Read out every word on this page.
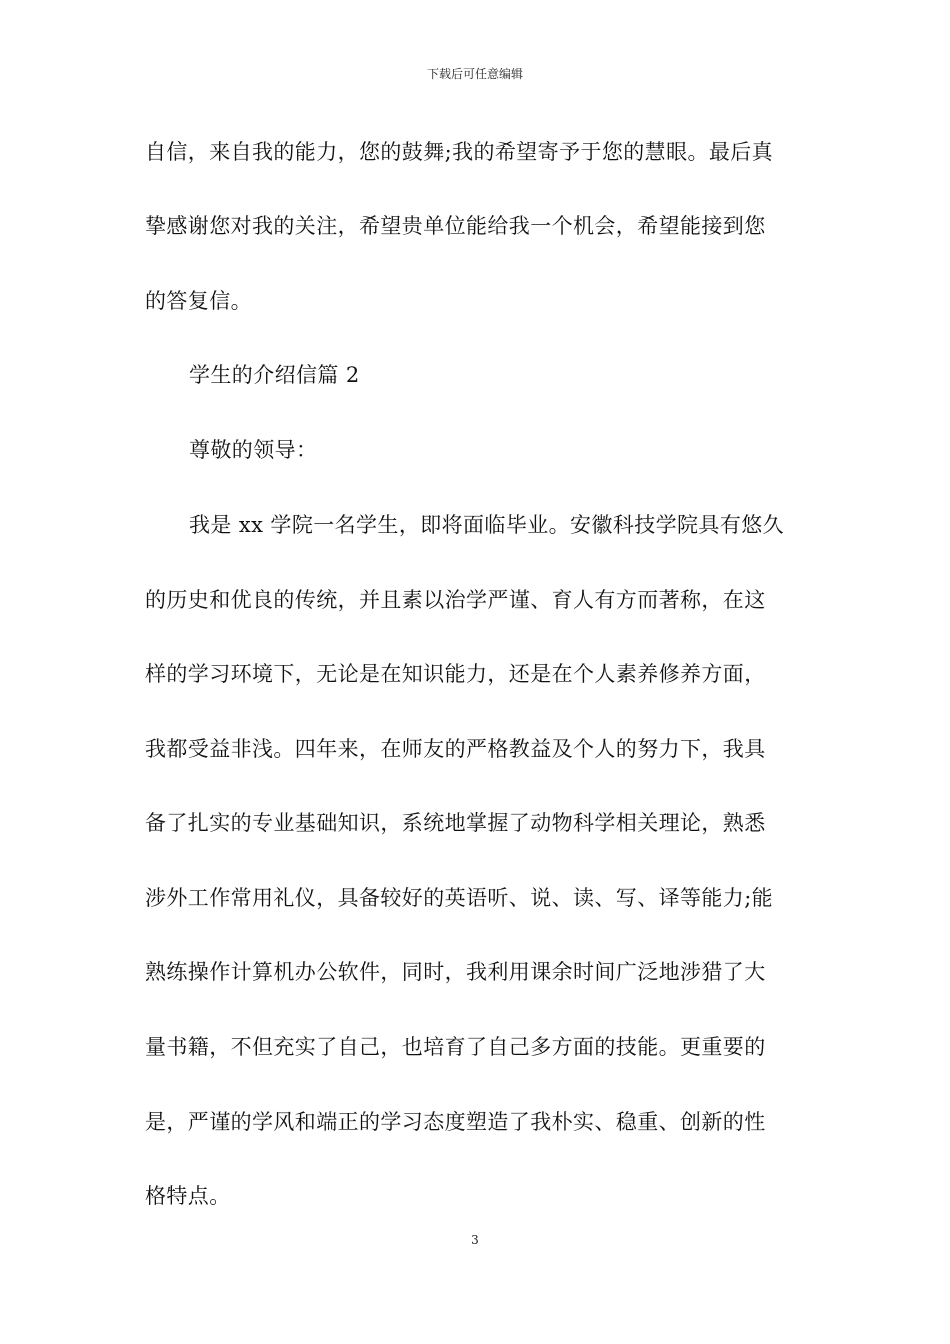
下载后可任意编辑
自信，来自我的能力，您的鼓舞;我的希望寄予于您的慧眼。最后真
挚感谢您对我的关注，希望贵单位能给我一个机会，希望能接到您
的答复信。
学生的介绍信篇 2
尊敬的领导：
我是 xx 学院一名学生，即将面临毕业。安徽科技学院具有悠久
的历史和优良的传统，并且素以治学严谨、育人有方而著称，在这
样的学习环境下，无论是在知识能力，还是在个人素养修养方面，
我都受益非浅。四年来，在师友的严格教益及个人的努力下，我具
备了扎实的专业基础知识，系统地掌握了动物科学相关理论，熟悉
涉外工作常用礼仪，具备较好的英语听、说、读、写、译等能力;能
熟练操作计算机办公软件，同时，我利用课余时间广泛地涉猎了大
量书籍，不但充实了自己，也培育了自己多方面的技能。更重要的
是，严谨的学风和端正的学习态度塑造了我朴实、稳重、创新的性
格特点。
3
